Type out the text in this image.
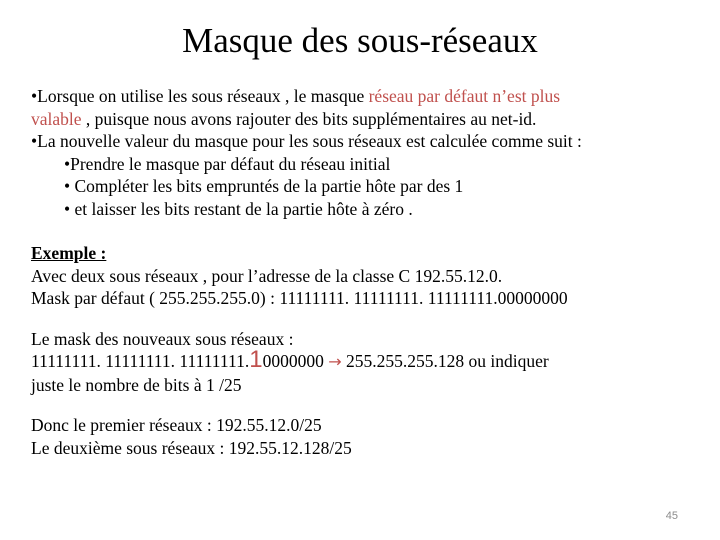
Masque des sous-réseaux
•Lorsque on utilise les sous réseaux , le masque réseau par défaut n’est plus
valable , puisque nous avons rajouter des bits supplémentaires au net-id.
•La nouvelle valeur du masque pour les sous réseaux est calculée comme suit :
•Prendre le masque par défaut du réseau initial
• Compléter les bits empruntés de la partie hôte par des 1
• et laisser les bits restant de la partie hôte à zéro .
Exemple :
Avec deux sous réseaux , pour l’adresse de la classe C 192.55.12.0.
Mask par défaut ( 255.255.255.0) : 11111111. 11111111. 11111111.00000000
Le mask des nouveaux sous réseaux :
11111111. 11111111. 11111111.10000000 → 255.255.255.128 ou indiquer
juste le nombre de bits à 1 /25
Donc le premier réseaux : 192.55.12.0/25
Le deuxième sous réseaux : 192.55.12.128/25
45
